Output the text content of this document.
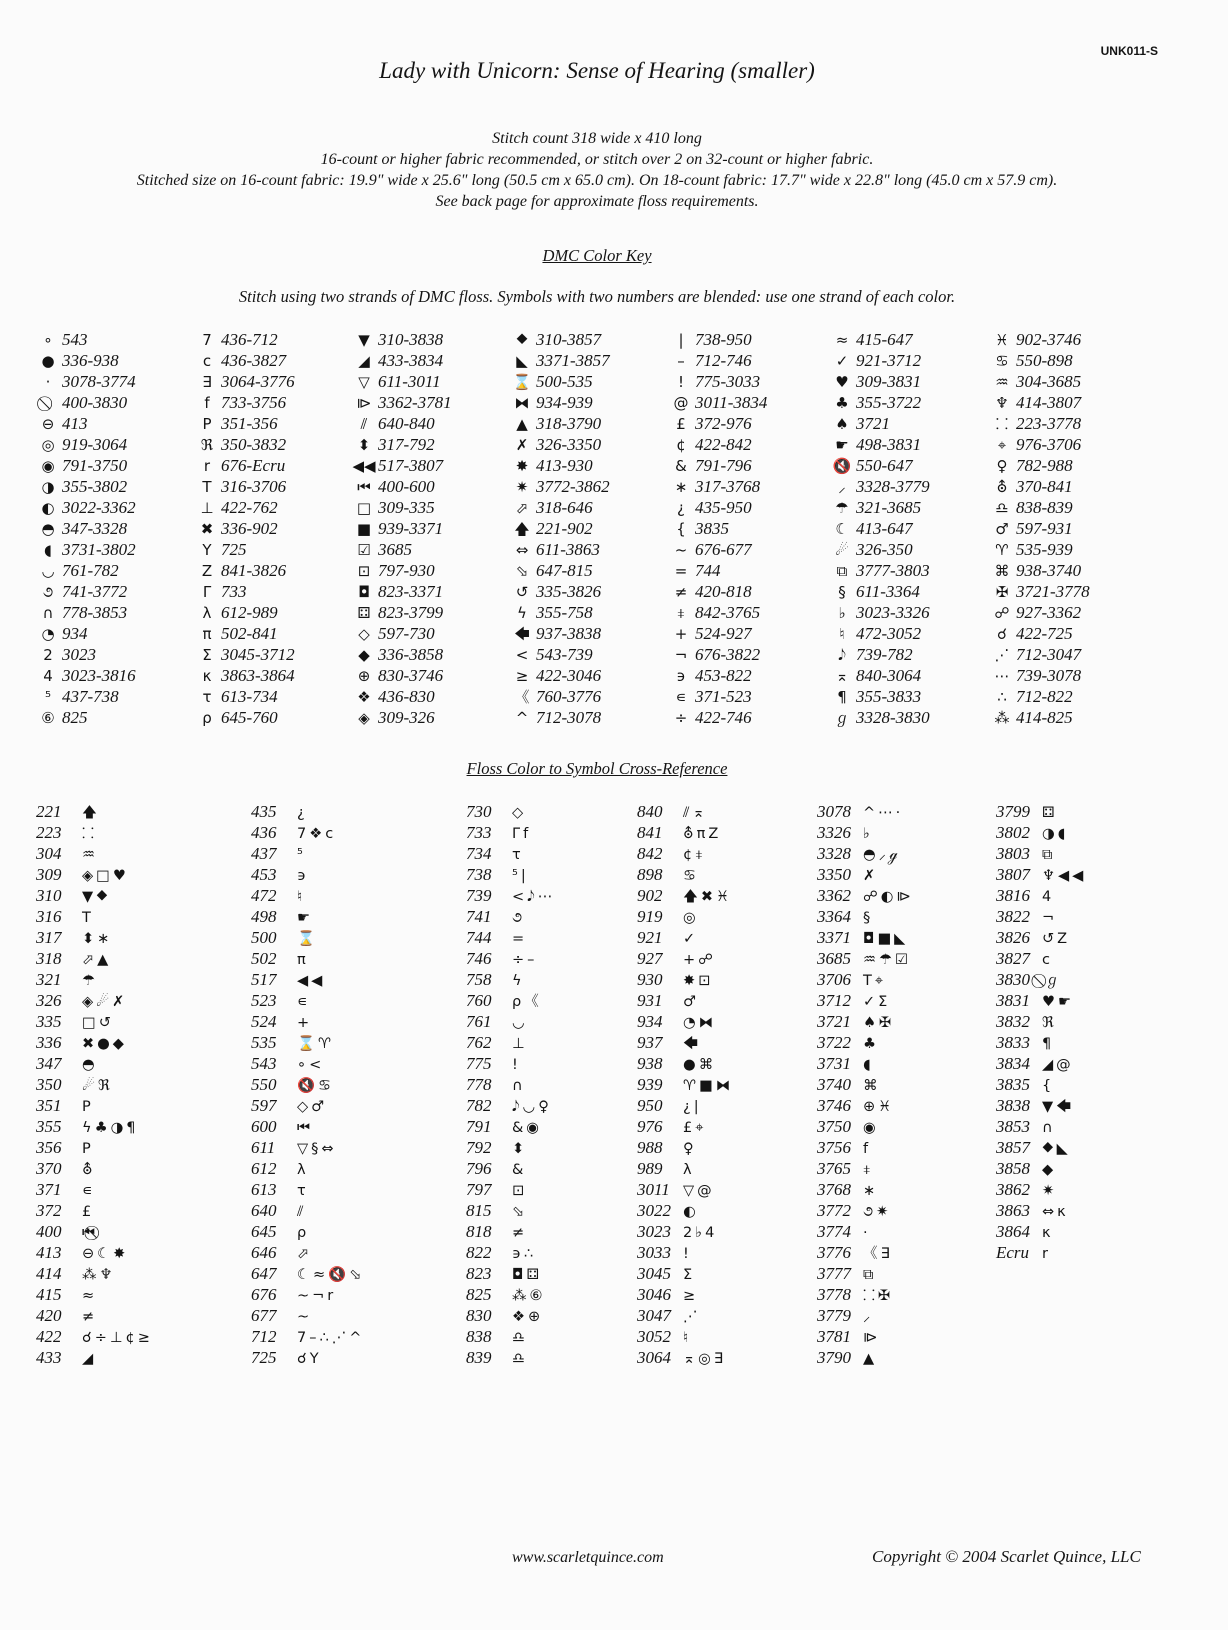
UNK011-S
Lady with Unicorn: Sense of Hearing (smaller)
Stitch count 318 wide x 410 long
16-count or higher fabric recommended, or stitch over 2 on 32-count or higher fabric.
Stitched size on 16-count fabric: 19.9" wide x 25.6" long (50.5 cm x 65.0 cm). On 18-count fabric: 17.7" wide x 22.8" long (45.0 cm x 57.9 cm).
See back page for approximate floss requirements.
DMC Color Key
Stitch using two strands of DMC floss. Symbols with two numbers are blended: use one strand of each color.
∘ 543
● 336-938
· 3078-3774
400-3830
⊖ 413
◎ 919-3064
◉ 791-3750
◑ 355-3802
◐ 3022-3362
◓ 347-3328
◖ 3731-3802
◡ 761-782
૭ 741-3772
∩ 778-3853
◔ 934
2 3023
4 3023-3816
⁵ 437-738
⑥ 825
7 436-712
c 436-3827
∃ 3064-3776
f 733-3756
P 351-356
ℜ 350-3832
r 676-Ecru
T 316-3706
⊥ 422-762
✖ 336-902
Y 725
Z 841-3826
Γ 733
λ 612-989
π 502-841
Σ 3045-3712
κ 3863-3864
τ 613-734
ρ 645-760
▼ 310-3838
◢ 433-3834
▽ 611-3011
⧐ 3362-3781
⫽ 640-840
⬍ 317-792
◀◀ 517-3807
⏮ 400-600
□ 309-335
■ 939-3371
☑ 3685
⊡ 797-930
◘ 823-3371
⚃ 823-3799
◇ 597-730
◆ 336-3858
⊕ 830-3746
❖ 436-830
◈ 309-326
⯁ 310-3857
◣ 3371-3857
⌛ 500-535
⧓ 934-939
▲ 318-3790
✗ 326-3350
✸ 413-930
✷ 3772-3862
⬀ 318-646
🡅 221-902
⇔ 611-3863
⬂ 647-815
↺ 335-3826
ϟ 355-758
🡄 937-3838
< 543-739
≥ 422-3046
《 760-3776
^ 712-3078
| 738-950
– 712-746
! 775-3033
@ 3011-3834
£ 372-976
¢ 422-842
& 791-796
∗ 317-3768
¿ 435-950
{ 3835
~ 676-677
= 744
≠ 420-818
⧧ 842-3765
+ 524-927
¬ 676-3822
϶ 453-822
∊ 371-523
÷ 422-746
≈ 415-647
✓ 921-3712
♥ 309-3831
♣ 355-3722
♠ 3721
☛ 498-3831
🔇 550-647
⸝ 3328-3779
☂ 321-3685
☾ 413-647
☄ 326-350
⧉ 3777-3803
§ 611-3364
♭ 3023-3326
♮ 472-3052
𝅘𝅥𝅮 739-782
⌅ 840-3064
¶ 355-3833
ℊ 3328-3830
♓ 902-3746
♋ 550-898
♒ 304-3685
♆ 414-3807
⸬ 223-3778
⌖ 976-3706
♀ 782-988
⛢ 370-841
♎ 838-839
♂ 597-931
♈ 535-939
⌘ 938-3740
✠ 3721-3778
☍ 927-3362
☌ 422-725
⋰ 712-3047
⋯ 739-3078
∴ 712-822
⁂ 414-825
Floss Color to Symbol Cross-Reference
221 🡅
223 ⸬
304 ♒
309 ◈□♥
310 ▼⯁
316 T
317 ⬍∗
318 ⬀▲
321 ☂
326 ◈☄✗
335 □↺
336 ✖●◆
347 ◓
350 ☄ℜ
351 P
355 ϟ♣◑¶
356 P
370 ⛢
371 ∊
372 £
400 ⏮⃠
413 ⊖☾✸
414 ⁂♆
415 ≈
420 ≠
422 ☌÷⊥¢≥
433 ◢
435 ¿
436 7❖c
437 ⁵
453 ϶
472 ♮
498 ☛
500 ⌛
502 π
517 ◀◀
523 ∊
524 +
535 ⌛♈
543 ∘<
550 🔇♋
597 ◇♂
600 ⏮
611 ▽§⇔
612 λ
613 τ
640 ⫽
645 ρ
646 ⬀
647 ☾≈🔇⬂
676 ~¬r
677 ~
712 7–∴⋰^
725 ☌Y
730 ◇
733 Γf
734 τ
738 ⁵|
739 <𝅘𝅥𝅮⋯
741 ૭
744 =
746 ÷–
758 ϟ
760 ρ《
761 ◡
762 ⊥
775 !
778 ∩
782 𝅘𝅥𝅮◡♀
791 &◉
792 ⬍
796 &
797 ⊡
815 ⬂
818 ≠
822 ϶∴
823 ◘⚃
825 ⁂⑥
830 ❖⊕
838 ♎
839 ♎
840 ⫽⌅
841 ⛢πZ
842 ¢⧧
898 ♋
902 🡅✖♓
919 ◎
921 ✓
927 +☍
930 ✸⊡
931 ♂
934 ◔⧓
937 🡄
938 ●⌘
939 ♈■⧓
950 ¿|
976 £⌖
988 ♀
989 λ
3011 ▽@
3022 ◐
3023 2♭4
3033 !
3045 Σ
3046 ≥
3047 ⋰
3052 ♮
3064 ⌅◎∃
3078 ^⋯·
3326 ♭
3328 ◓⸝ℊ
3350 ✗
3362 ☍◐⧐
3364 §
3371 ◘■◣
3685 ♒☂☑
3706 T⌖
3712 ✓Σ
3721 ♠✠
3722 ♣
3731 ◖
3740 ⌘
3746 ⊕♓
3750 ◉
3756 f
3765 ⧧
3768 ∗
3772 ૭✷
3774 ·
3776 《∃
3777 ⧉
3778 ⸬✠
3779 ⸝
3781 ⧐
3790 ▲
3799 ⚃
3802 ◑◖
3803 ⧉
3807 ♆◀◀
3816 4
3822 ¬
3826 ↺Z
3827 c
3830 ⃠ℊ
3831 ♥☛
3832 ℜ
3833 ¶
3834 ◢@
3835 {
3838 ▼🡄
3853 ∩
3857 ⯁◣
3858 ◆
3862 ✷
3863 ⇔κ
3864 κ
Ecru r
www.scarletquince.com	Copyright © 2004 Scarlet Quince, LLC
